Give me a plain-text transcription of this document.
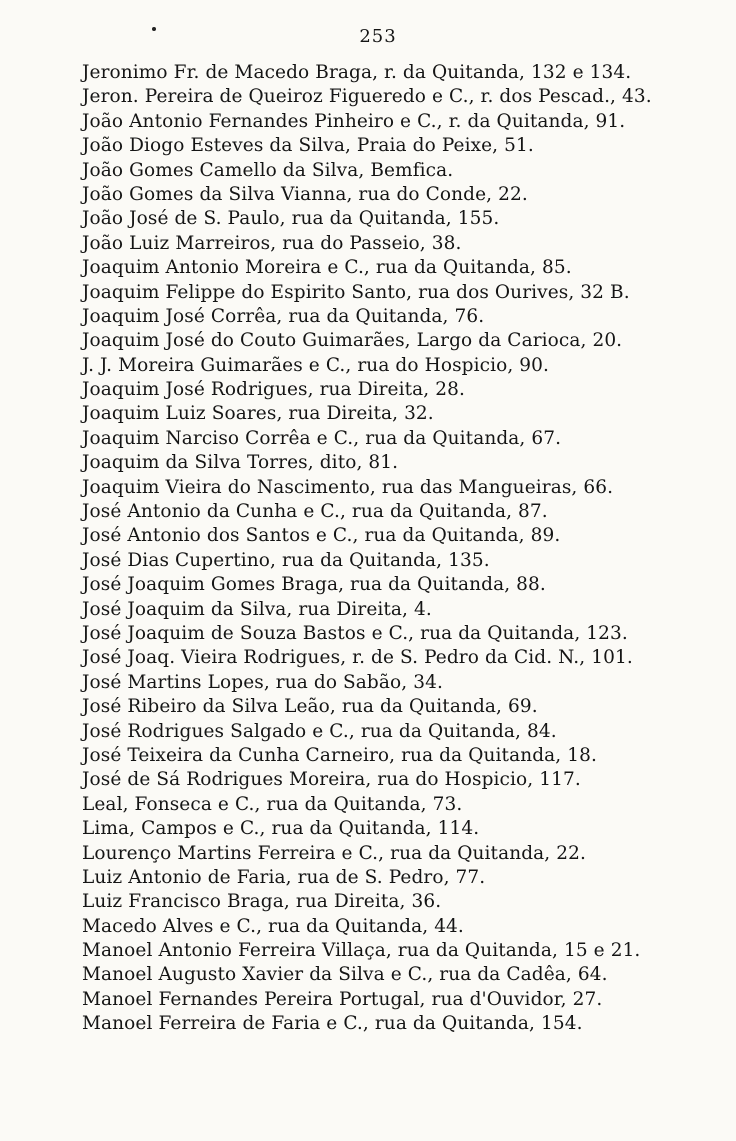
253
Jeronimo Fr. de Macedo Braga, r. da Quitanda, 132 e 134.
Jeron. Pereira de Queiroz Figueredo e C., r. dos Pescad., 43.
João Antonio Fernandes Pinheiro e C., r. da Quitanda, 91.
João Diogo Esteves da Silva, Praia do Peixe, 51.
João Gomes Camello da Silva, Bemfica.
João Gomes da Silva Vianna, rua do Conde, 22.
João José de S. Paulo, rua da Quitanda, 155.
João Luiz Marreiros, rua do Passeio, 38.
Joaquim Antonio Moreira e C., rua da Quitanda, 85.
Joaquim Felippe do Espirito Santo, rua dos Ourives, 32 B.
Joaquim José Corrêa, rua da Quitanda, 76.
Joaquim José do Couto Guimarães, Largo da Carioca, 20.
J. J. Moreira Guimarães e C., rua do Hospicio, 90.
Joaquim José Rodrigues, rua Direita, 28.
Joaquim Luiz Soares, rua Direita, 32.
Joaquim Narciso Corrêa e C., rua da Quitanda, 67.
Joaquim da Silva Torres, dito, 81.
Joaquim Vieira do Nascimento, rua das Mangueiras, 66.
José Antonio da Cunha e C., rua da Quitanda, 87.
José Antonio dos Santos e C., rua da Quitanda, 89.
José Dias Cupertino, rua da Quitanda, 135.
José Joaquim Gomes Braga, rua da Quitanda, 88.
José Joaquim da Silva, rua Direita, 4.
José Joaquim de Souza Bastos e C., rua da Quitanda, 123.
José Joaq. Vieira Rodrigues, r. de S. Pedro da Cid. N., 101.
José Martins Lopes, rua do Sabão, 34.
José Ribeiro da Silva Leão, rua da Quitanda, 69.
José Rodrigues Salgado e C., rua da Quitanda, 84.
José Teixeira da Cunha Carneiro, rua da Quitanda, 18.
José de Sá Rodrigues Moreira, rua do Hospicio, 117.
Leal, Fonseca e C., rua da Quitanda, 73.
Lima, Campos e C., rua da Quitanda, 114.
Lourenço Martins Ferreira e C., rua da Quitanda, 22.
Luiz Antonio de Faria, rua de S. Pedro, 77.
Luiz Francisco Braga, rua Direita, 36.
Macedo Alves e C., rua da Quitanda, 44.
Manoel Antonio Ferreira Villaça, rua da Quitanda, 15 e 21.
Manoel Augusto Xavier da Silva e C., rua da Cadêa, 64.
Manoel Fernandes Pereira Portugal, rua d'Ouvidor, 27.
Manoel Ferreira de Faria e C., rua da Quitanda, 154.
